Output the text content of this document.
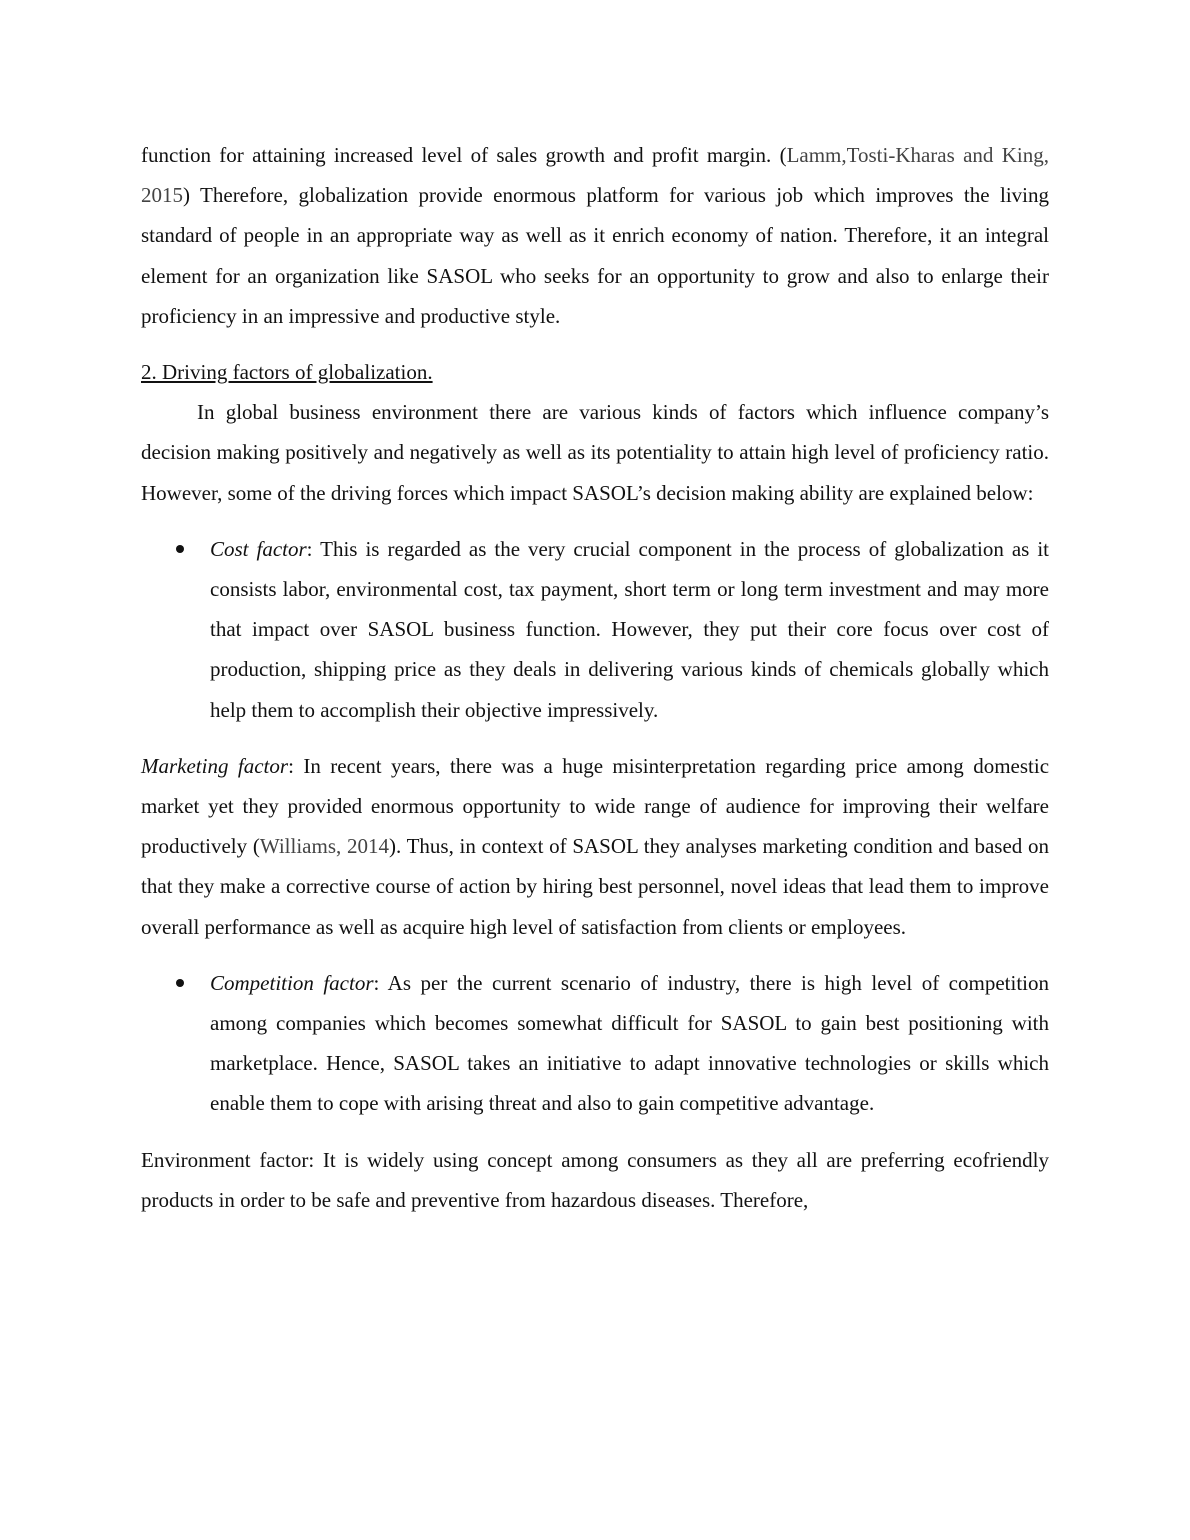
function for attaining increased level of sales growth and profit margin. (Lamm,Tosti-Kharas and King, 2015) Therefore, globalization provide enormous platform for various job which improves the living standard of people in an appropriate way as well as it enrich economy of nation. Therefore, it an integral element for an organization like SASOL who seeks for an opportunity to grow and also to enlarge their proficiency in an impressive and productive style.

2. Driving factors of globalization.

In global business environment there are various kinds of factors which influence company’s decision making positively and negatively as well as its potentiality to attain high level of proficiency ratio. However, some of the driving forces which impact SASOL’s decision making ability are explained below:

Cost factor: This is regarded as the very crucial component in the process of globalization as it consists labor, environmental cost, tax payment, short term or long term investment and may more that impact over SASOL business function. However, they put their core focus over cost of production, shipping price as they deals in delivering various kinds of chemicals globally which help them to accomplish their objective impressively.

Marketing factor: In recent years, there was a huge misinterpretation regarding price among domestic market yet they provided enormous opportunity to wide range of audience for improving their welfare productively (Williams, 2014). Thus, in context of SASOL they analyses marketing condition and based on that they make a corrective course of action by hiring best personnel, novel ideas that lead them to improve overall performance as well as acquire high level of satisfaction from clients or employees.

Competition factor: As per the current scenario of industry, there is high level of competition among companies which becomes somewhat difficult for SASOL to gain best positioning with marketplace. Hence, SASOL takes an initiative to adapt innovative technologies or skills which enable them to cope with arising threat and also to gain competitive advantage.

Environment factor: It is widely using concept among consumers as they all are preferring ecofriendly products in order to be safe and preventive from hazardous diseases. Therefore,
